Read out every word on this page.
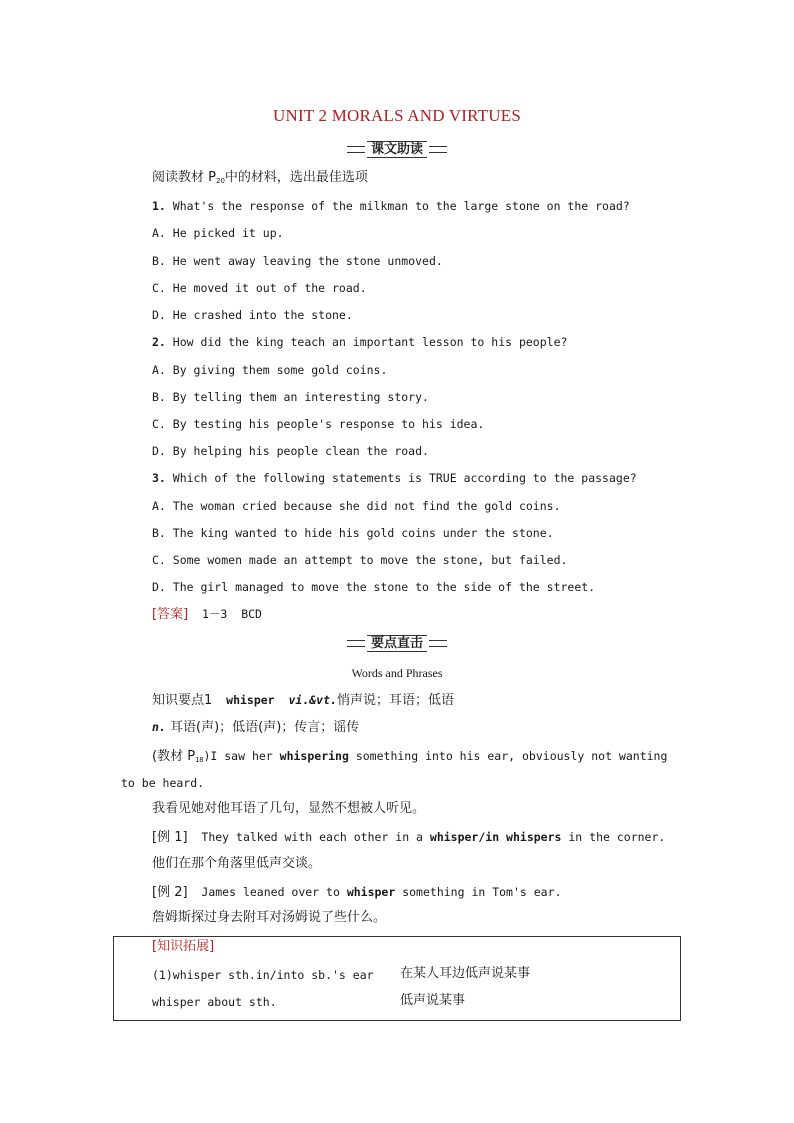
UNIT 2 MORALS AND VIRTUES
课文助读
阅读教材 $P_{20}$中的材料，选出最佳选项
1. What's the response of the milkman to the large stone on the road?
A. He picked it up.
B. He went away leaving the stone unmoved.
C. He moved it out of the road.
D. He crashed into the stone.
2. How did the king teach an important lesson to his people?
A. By giving them some gold coins.
B. By telling them an interesting story.
C. By testing his people's response to his idea.
D. By helping his people clean the road.
3. Which of the following statements is TRUE according to the passage?
A. The woman cried because she did not find the gold coins.
B. The king wanted to hide his gold coins under the stone.
C. Some women made an attempt to move the stone, but failed.
D. The girl managed to move the stone to the side of the street.
[答案]  1－3  BCD
要点直击
Words and Phrases
知识要点1 whisper vi.&vt.悄声说；耳语；低语
n. 耳语(声)；低语(声)；传言；谣传
(教材 $P_{18})I$ saw her whispering something into his ear, obviously not wanting
to be heard.
我看见她对他耳语了几句，显然不想被人听见。
[例 1]  They talked with each other in a whisper/in whispers in the corner.
他们在那个角落里低声交谈。
[例 2]  James leaned over to whisper something in Tom's ear.
詹姆斯探过身去附耳对汤姆说了些什么。
[知识拓展]
(1)whisper sth.in/into sb.'s ear 在某人耳边低声说某事
whisper about sth.	低声说某事
